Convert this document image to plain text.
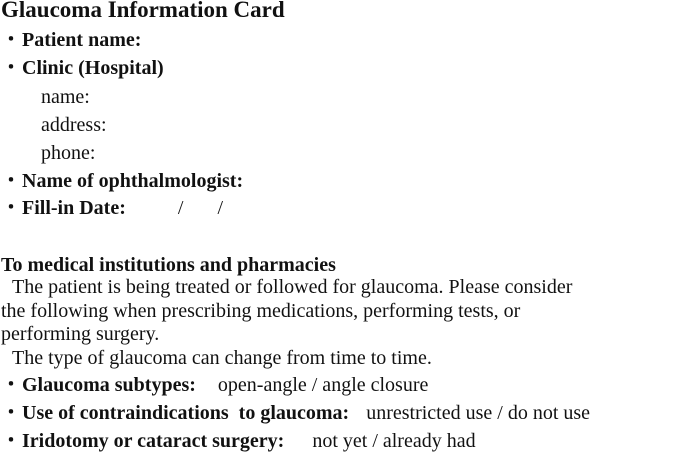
Glaucoma Information Card
・Patient name:
・Clinic (Hospital)
name:
address:
phone:
・Name of ophthalmologist:
・Fill-in Date:	/ /
To medical institutions and pharmacies
The patient is being treated or followed for glaucoma. Please consider
the following when prescribing medications, performing tests, or
performing surgery.
The type of glaucoma can change from time to time.
・Glaucoma subtypes: open-angle / angle closure
・Use of contraindications  to glaucoma: unrestricted use / do not use
・Iridotomy or cataract surgery: not yet / already had
